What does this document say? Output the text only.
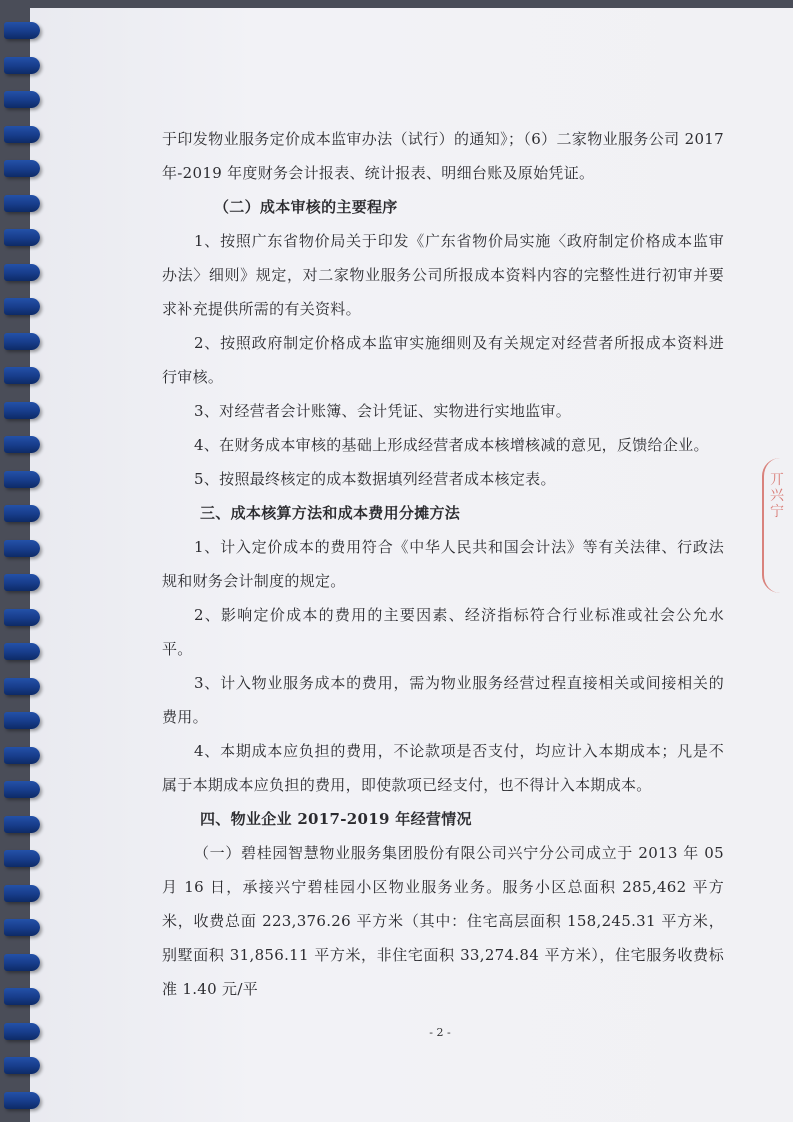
于印发物业服务定价成本监审办法（试行）的通知》；（6）二家物业服务公司 2017年-2019 年度财务会计报表、统计报表、明细台账及原始凭证。

（二）成本审核的主要程序

1、按照广东省物价局关于印发《广东省物价局实施〈政府制定价格成本监审办法〉细则》规定，对二家物业服务公司所报成本资料内容的完整性进行初审并要求补充提供所需的有关资料。

2、按照政府制定价格成本监审实施细则及有关规定对经营者所报成本资料进行审核。

3、对经营者会计账簿、会计凭证、实物进行实地监审。

4、在财务成本审核的基础上形成经营者成本核增核减的意见，反馈给企业。

5、按照最终核定的成本数据填列经营者成本核定表。

三、成本核算方法和成本费用分摊方法

1、计入定价成本的费用符合《中华人民共和国会计法》等有关法律、行政法规和财务会计制度的规定。

2、影响定价成本的费用的主要因素、经济指标符合行业标准或社会公允水平。

3、计入物业服务成本的费用，需为物业服务经营过程直接相关或间接相关的费用。

4、本期成本应负担的费用，不论款项是否支付，均应计入本期成本；凡是不属于本期成本应负担的费用，即使款项已经支付，也不得计入本期成本。

四、物业企业 2017-2019 年经营情况

（一）碧桂园智慧物业服务集团股份有限公司兴宁分公司成立于 2013 年 05 月 16 日，承接兴宁碧桂园小区物业服务业务。服务小区总面积 285,462 平方米，收费总面 223,376.26 平方米（其中：住宅高层面积 158,245.31 平方米，别墅面积 31,856.11 平方米，非住宅面积 33,274.84 平方米），住宅服务收费标准 1.40 元/平

- 2 -
丌兴宁
